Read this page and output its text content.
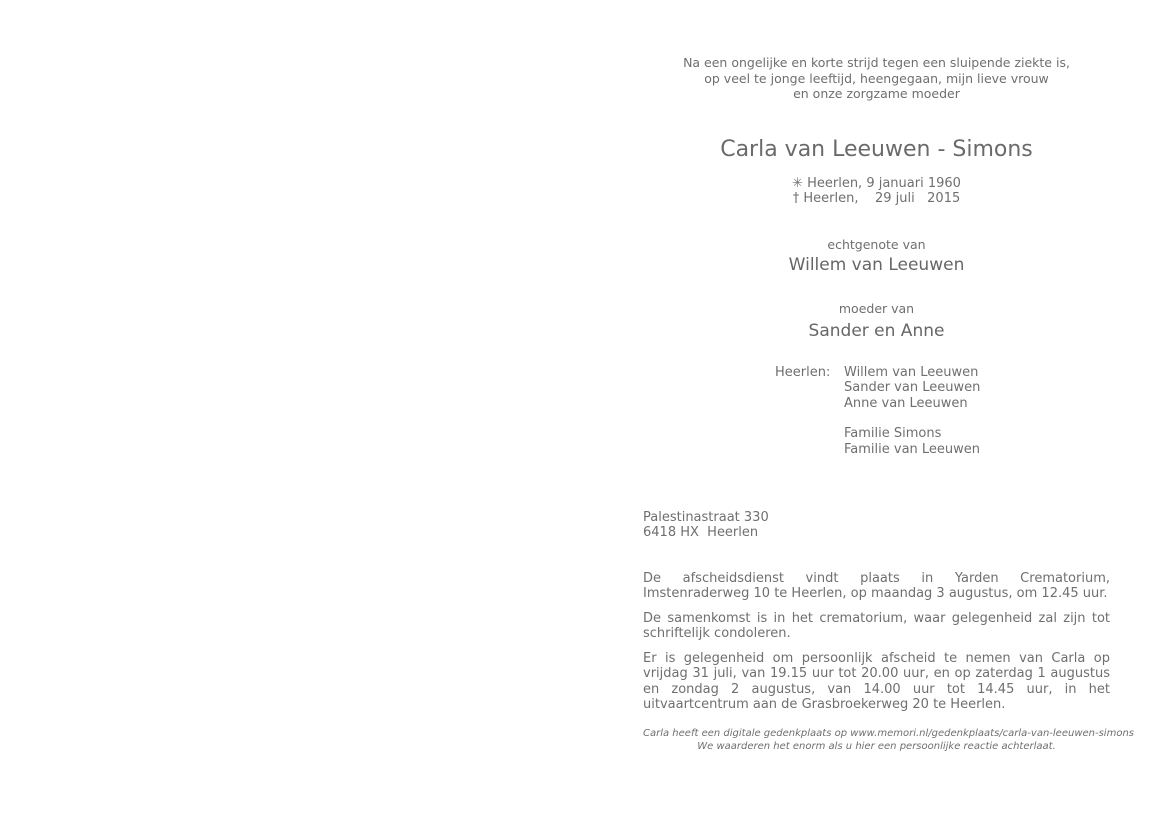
Na een ongelijke en korte strijd tegen een sluipende ziekte is,
op veel te jonge leeftijd, heengegaan, mijn lieve vrouw
en onze zorgzame moeder
Carla van Leeuwen - Simons
✳ Heerlen, 9 januari 1960
† Heerlen,    29 juli   2015
echtgenote van
Willem van Leeuwen
moeder van
Sander en Anne
Heerlen: Willem van Leeuwen
Sander van Leeuwen
Anne van Leeuwen
Familie Simons
Familie van Leeuwen
Palestinastraat 330
6418 HX  Heerlen

De afscheidsdienst vindt plaats in Yarden Crematorium, Imstenraderweg 10 te Heerlen, op maandag 3 augustus, om 12.45 uur.

De samenkomst is in het crematorium, waar gelegenheid zal zijn tot schriftelijk condoleren.

Er is gelegenheid om persoonlijk afscheid te nemen van Carla op vrijdag 31 juli, van 19.15 uur tot 20.00 uur, en op zaterdag 1 augustus en zondag 2 augustus, van 14.00 uur tot 14.45 uur, in het uitvaartcentrum aan de Grasbroekerweg 20 te Heerlen.

Carla heeft een digitale gedenkplaats op www.memori.nl/gedenkplaats/carla-van-leeuwen-simons
We waarderen het enorm als u hier een persoonlijke reactie achterlaat.
